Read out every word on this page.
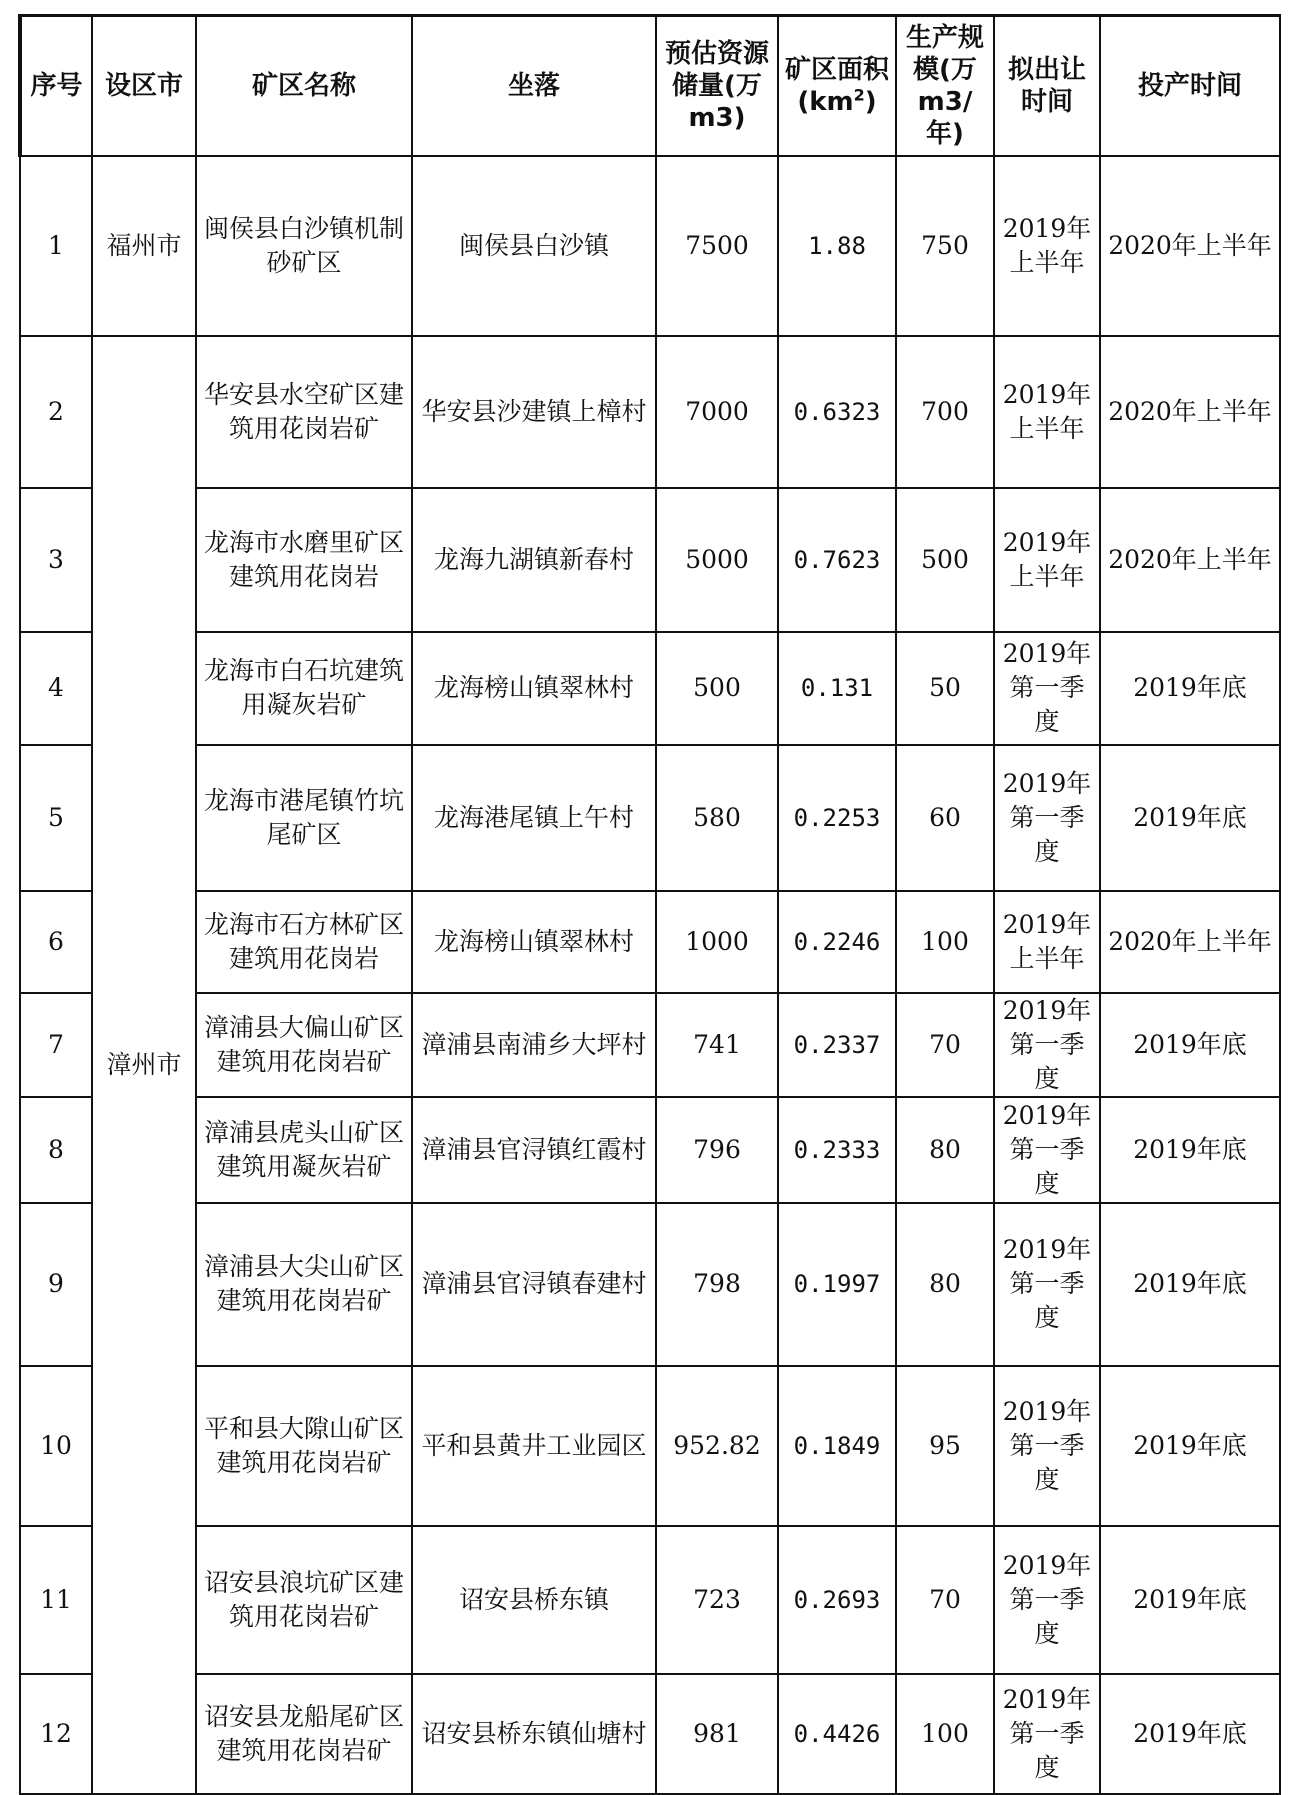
序号	设区市	矿区名称	坐落	预估资源储量(万m3)	矿区面积$(km^2)$	生产规模(万m3/年)	拟出让时间	投产时间
1	福州市	闽侯县白沙镇机制砂矿区	闽侯县白沙镇	7500	1.88	750	2019年上半年	2020年上半年
2	漳州市	华安县水空矿区建筑用花岗岩矿	华安县沙建镇上樟村	7000	0.6323	700	2019年上半年	2020年上半年
3		龙海市水磨里矿区建筑用花岗岩	龙海九湖镇新春村	5000	0.7623	500	2019年上半年	2020年上半年
4		龙海市白石坑建筑用凝灰岩矿	龙海榜山镇翠林村	500	0.131	50	2019年第一季度	2019年底
5		龙海市港尾镇竹坑尾矿区	龙海港尾镇上午村	580	0.2253	60	2019年第一季度	2019年底
6		龙海市石方林矿区建筑用花岗岩	龙海榜山镇翠林村	1000	0.2246	100	2019年上半年	2020年上半年
7		漳浦县大偏山矿区建筑用花岗岩矿	漳浦县南浦乡大坪村	741	0.2337	70	2019年第一季度	2019年底
8		漳浦县虎头山矿区建筑用凝灰岩矿	漳浦县官浔镇红霞村	796	0.2333	80	2019年第一季度	2019年底
9		漳浦县大尖山矿区建筑用花岗岩矿	漳浦县官浔镇春建村	798	0.1997	80	2019年第一季度	2019年底
10		平和县大隙山矿区建筑用花岗岩矿	平和县黄井工业园区	952.82	0.1849	95	2019年第一季度	2019年底
11		诏安县浪坑矿区建筑用花岗岩矿	诏安县桥东镇	723	0.2693	70	2019年第一季度	2019年底
12		诏安县龙船尾矿区建筑用花岗岩矿	诏安县桥东镇仙塘村	981	0.4426	100	2019年第一季度	2019年底
